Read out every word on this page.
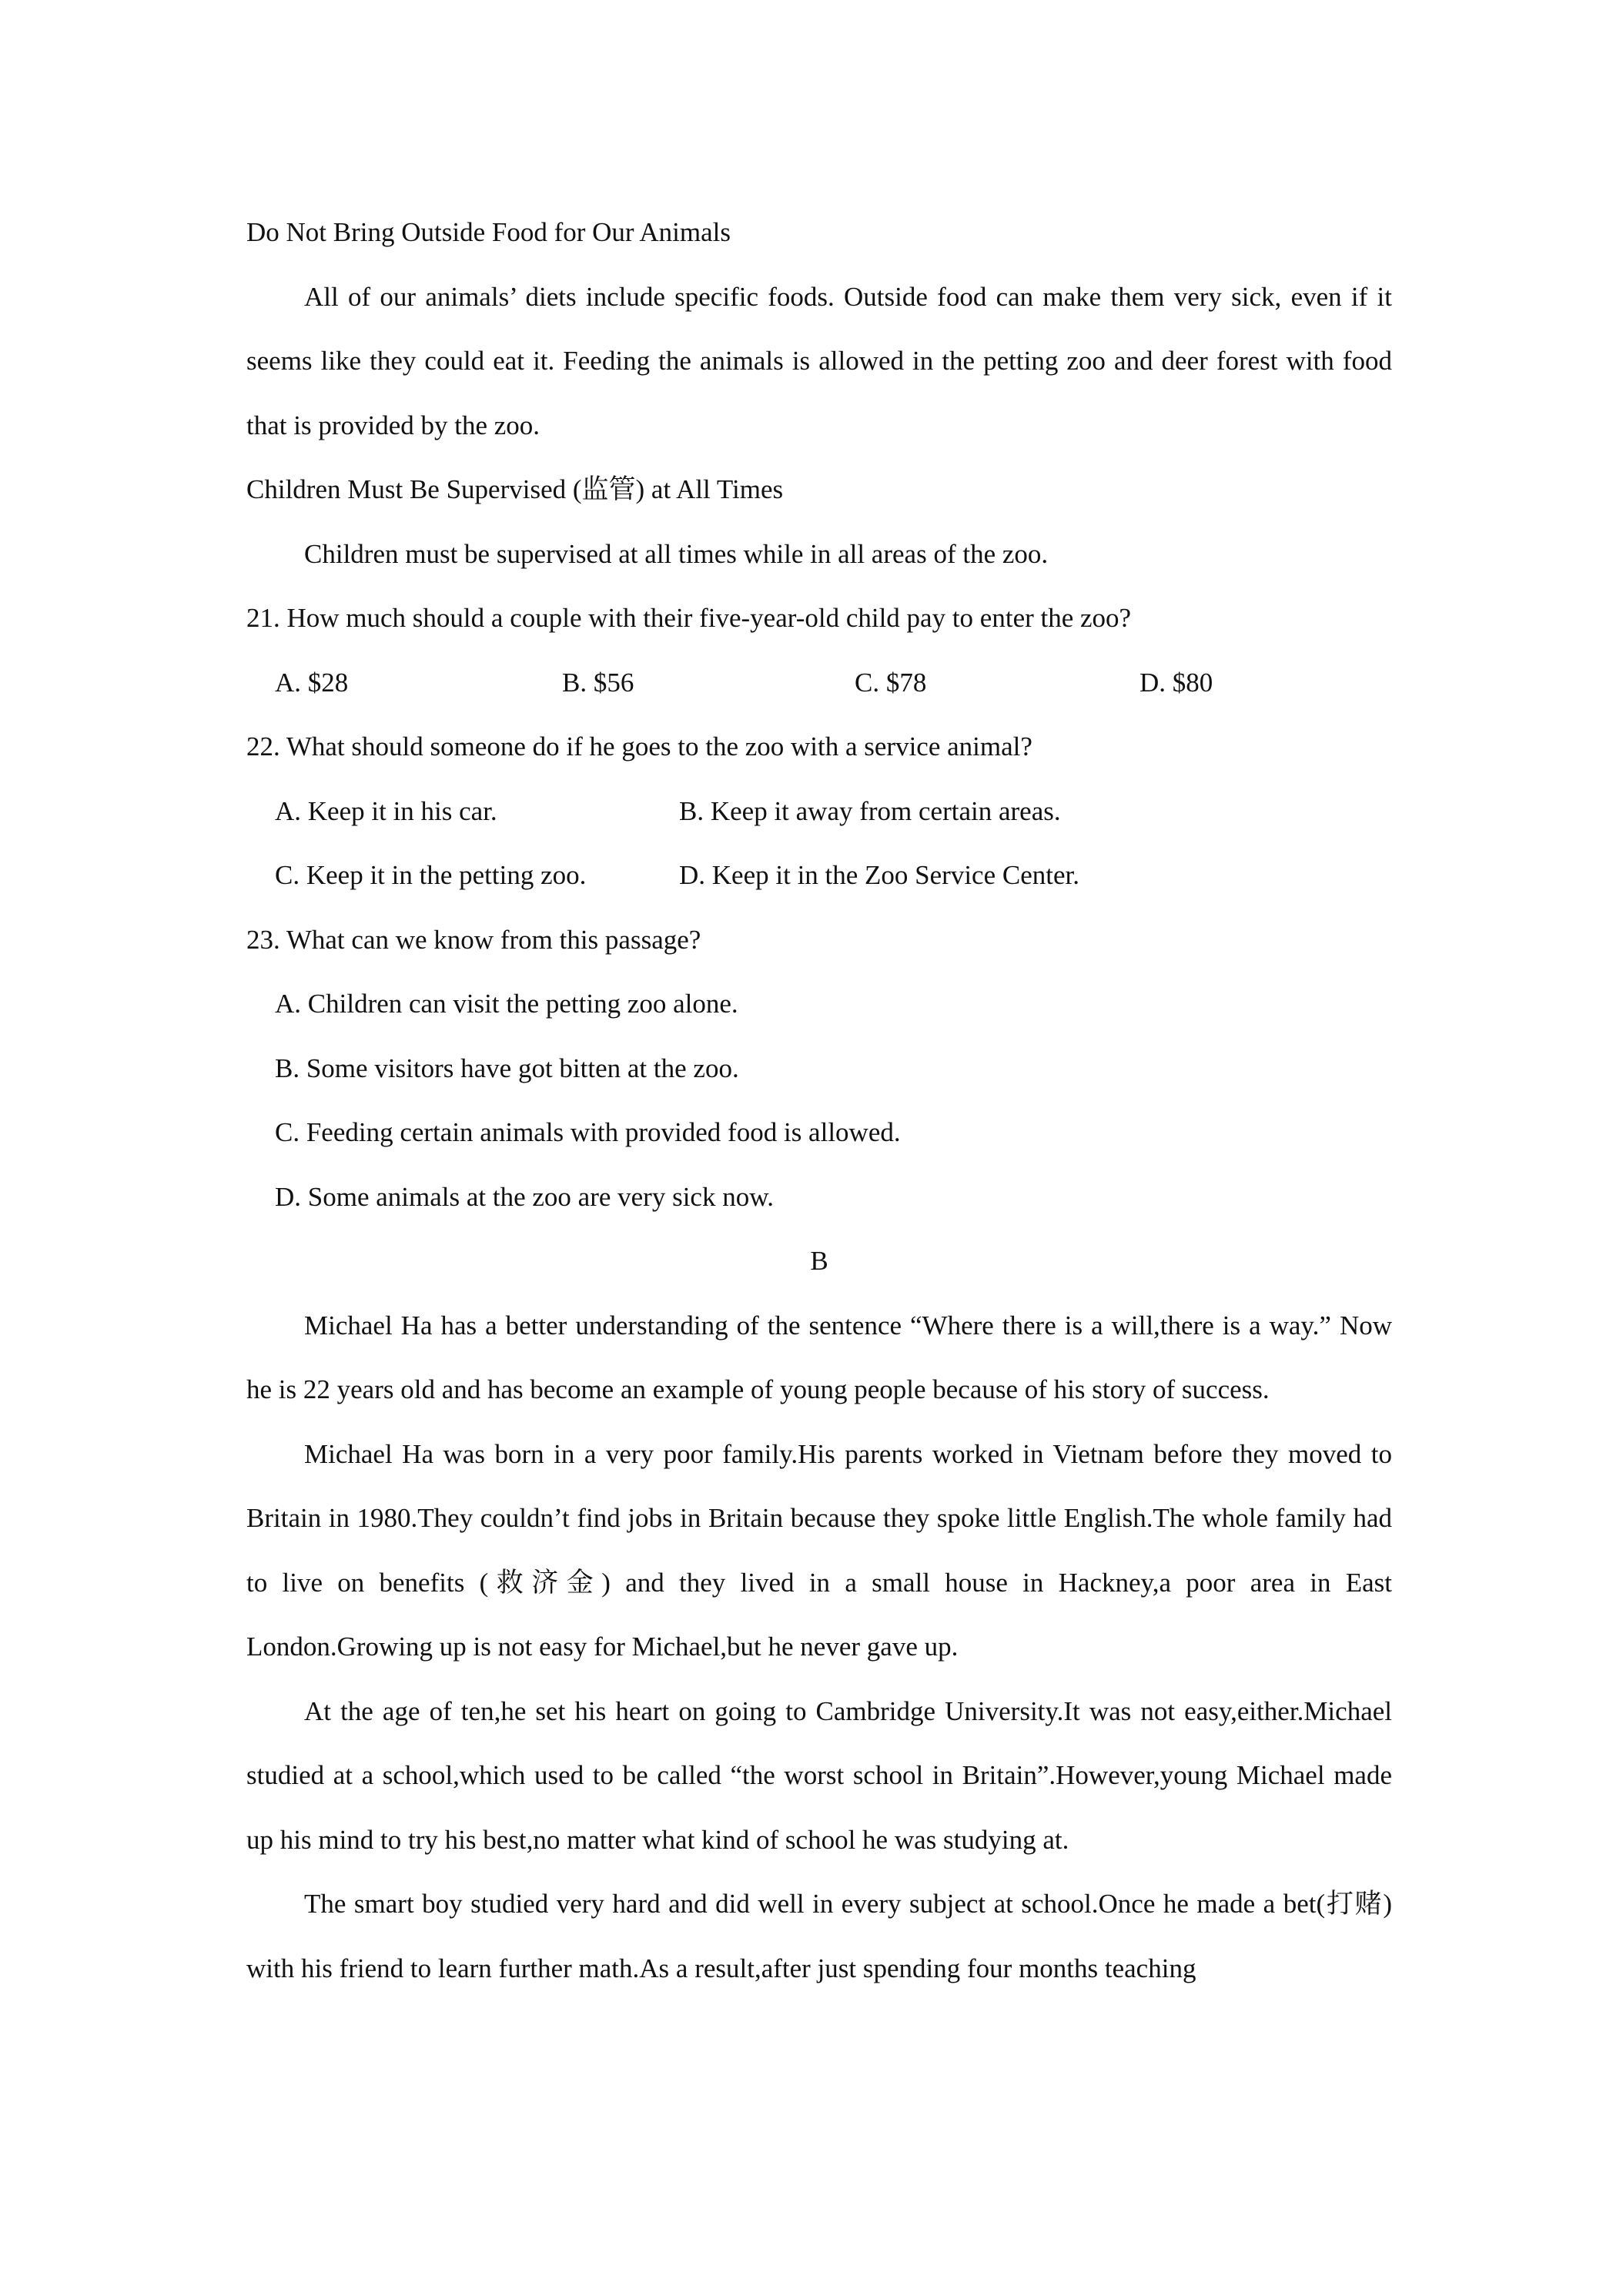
Do Not Bring Outside Food for Our Animals

All of our animals’ diets include specific foods. Outside food can make them very sick, even if it seems like they could eat it. Feeding the animals is allowed in the petting zoo and deer forest with food that is provided by the zoo.

Children Must Be Supervised (监管) at All Times

Children must be supervised at all times while in all areas of the zoo.

21. How much should a couple with their five-year-old child pay to enter the zoo?

A. $28	B. $56	C. $78	D. $80

22. What should someone do if he goes to the zoo with a service animal?

A. Keep it in his car.	B. Keep it away from certain areas.
C. Keep it in the petting zoo.	D. Keep it in the Zoo Service Center.

23. What can we know from this passage?

A. Children can visit the petting zoo alone.
B. Some visitors have got bitten at the zoo.
C. Feeding certain animals with provided food is allowed.
D. Some animals at the zoo are very sick now.
B

Michael Ha has a better understanding of the sentence “Where there is a will,there is a way.” Now he is 22 years old and has become an example of young people because of his story of success.

Michael Ha was born in a very poor family.His parents worked in Vietnam before they moved to Britain in 1980.They couldn’t find jobs in Britain because they spoke little English.The whole family had to live on benefits (救济金) and they lived in a small house in Hackney,a poor area in East London.Growing up is not easy for Michael,but he never gave up.

At the age of ten,he set his heart on going to Cambridge University.It was not easy,either.Michael studied at a school,which used to be called “the worst school in Britain”.However,young Michael made up his mind to try his best,no matter what kind of school he was studying at.

The smart boy studied very hard and did well in every subject at school.Once he made a bet(打赌) with his friend to learn further math.As a result,after just spending four months teaching
